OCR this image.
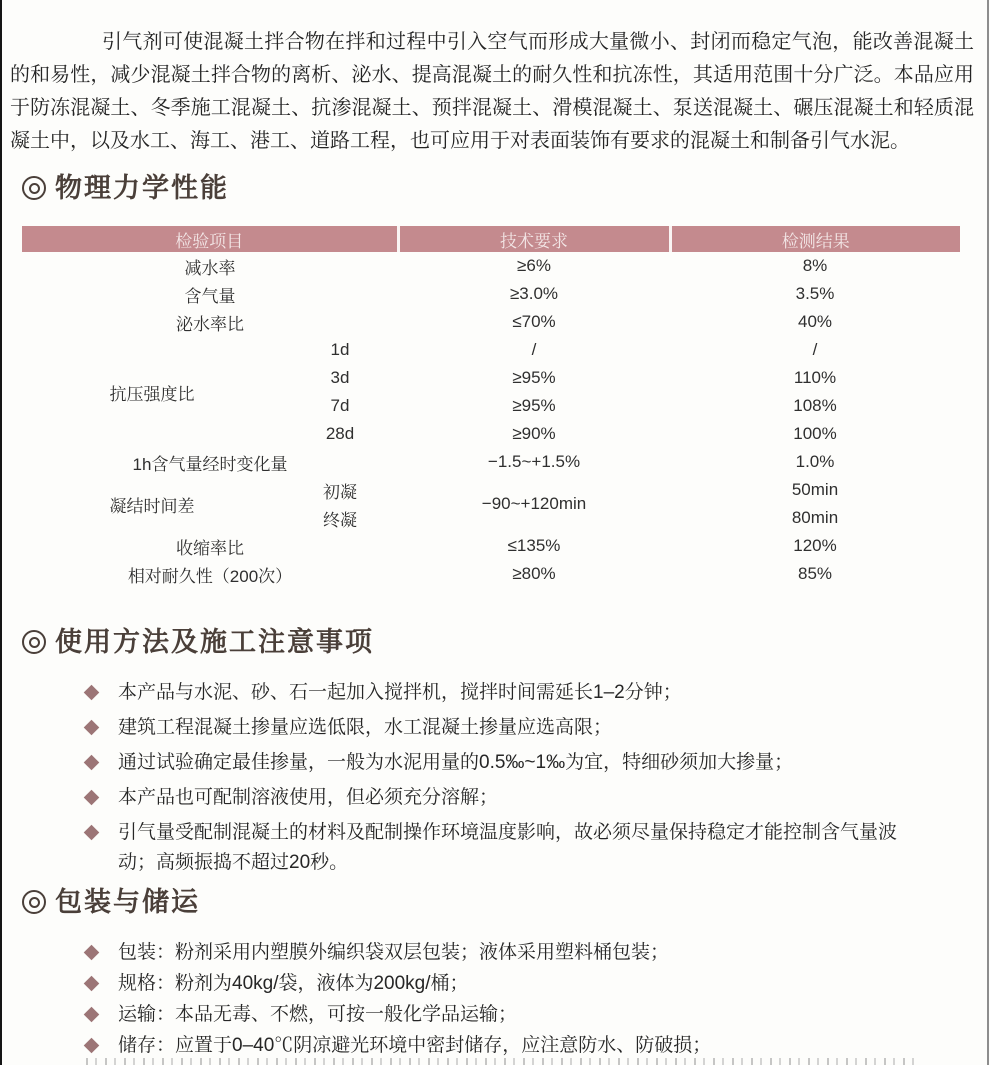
引气剂可使混凝土拌合物在拌和过程中引入空气而形成大量微小、封闭而稳定气泡，能改善混凝土的和易性，减少混凝土拌合物的离析、泌水、提高混凝土的耐久性和抗冻性，其适用范围十分广泛。本品应用于防冻混凝土、冬季施工混凝土、抗渗混凝土、预拌混凝土、滑模混凝土、泵送混凝土、碾压混凝土和轻质混凝土中，以及水工、海工、港工、道路工程，也可应用于对表面装饰有要求的混凝土和制备引气水泥。

物理力学性能
检验项目		技术要求	检测结果
减水率		≥6%	8%
含气量		≥3.0%	3.5%
泌水率比		≤70%	40%
抗压强度比	1d	/	/
	3d	≥95%	110%
	7d	≥95%	108%
	28d	≥90%	100%
1h含气量经时变化量		−1.5~+1.5%	1.0%
凝结时间差	初凝	−90~+120min	50min
	终凝		80min
收缩率比		≤135%	120%
相对耐久性（200次）		≥80%	85%
使用方法及施工注意事项
本产品与水泥、砂、石一起加入搅拌机，搅拌时间需延长1–2分钟；
建筑工程混凝土掺量应选低限，水工混凝土掺量应选高限；
通过试验确定最佳掺量，一般为水泥用量的0.5‰~1‰为宜，特细砂须加大掺量；
本产品也可配制溶液使用，但必须充分溶解；
引气量受配制混凝土的材料及配制操作环境温度影响，故必须尽量保持稳定才能控制含气量波动；高频振捣不超过20秒。
包装与储运
包装：粉剂采用内塑膜外编织袋双层包装；液体采用塑料桶包装；
规格：粉剂为40kg/袋，液体为200kg/桶；
运输：本品无毒、不燃，可按一般化学品运输；
储存：应置于0–40℃阴凉避光环境中密封储存，应注意防水、防破损；
